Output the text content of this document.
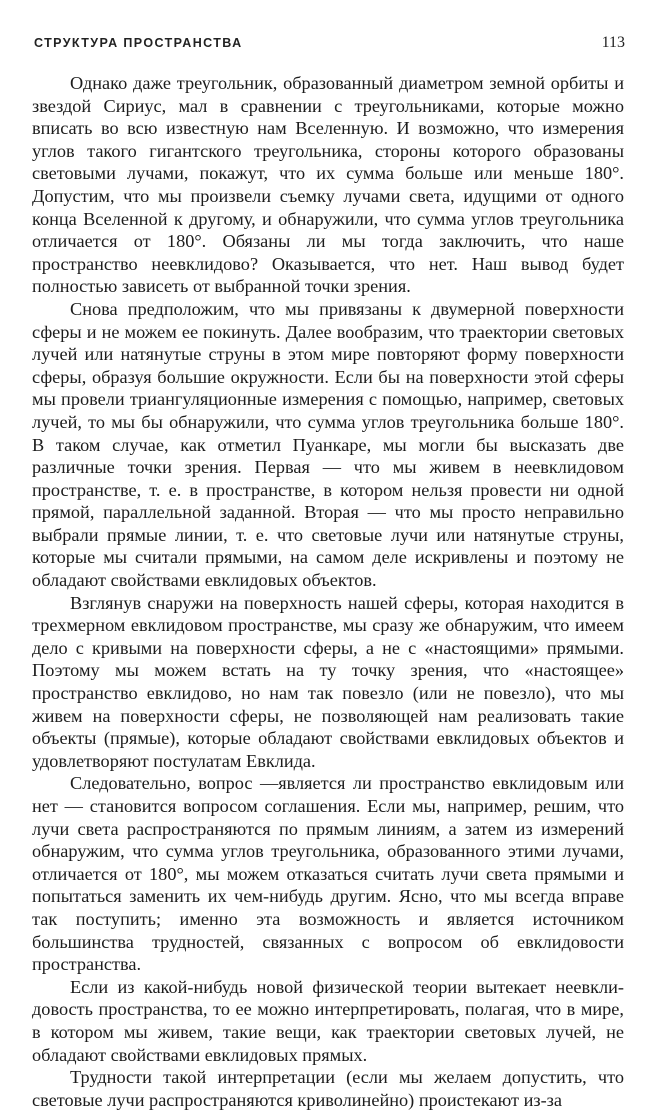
СТРУКТУРА ПРОСТРАНСТВА	113

Однако даже треугольник, образованный диаметром земной орбиты и звездой Сириус, мал в сравнении с треугольниками, которые можно вписать во всю известную нам Вселенную. И возможно, что измерения углов такого гигантского треугольника, стороны которого образованы световыми лучами, покажут, что их сумма больше или меньше 180°. Допустим, что мы произвели съемку лучами света, идущими от одного конца Вселенной к другому, и обнаружили, что сумма углов треугольника отличается от 180°. Обязаны ли мы тогда заключить, что наше пространство неевклидово? Оказывается, что нет. Наш вывод будет полностью зависеть от выбранной точки зрения.

Снова предположим, что мы привязаны к двумерной поверхности сферы и не можем ее покинуть. Далее вообразим, что траектории световых лучей или натянутые струны в этом мире повторяют форму поверхности сферы, образуя большие окружности. Если бы на поверхности этой сферы мы провели триангуляционные измерения с помощью, например, световых лучей, то мы бы обнаружили, что сумма углов треугольника больше 180°. В таком случае, как отметил Пуанкаре, мы могли бы высказать две различные точки зрения. Первая — что мы живем в неевклидовом пространстве, т. е. в пространстве, в котором нельзя провести ни одной прямой, параллельной заданной. Вторая — что мы просто неправильно выбрали прямые линии, т. е. что световые лучи или натянутые струны, которые мы считали прямыми, на самом деле искривлены и поэтому не обладают свойствами евклидовых объектов.

Взглянув снаружи на поверхность нашей сферы, которая находится в трехмерном евклидовом пространстве, мы сразу же обнаружим, что имеем дело с кривыми на поверхности сферы, а не с «настоящими» прямыми. Поэтому мы можем встать на ту точку зрения, что «настоящее» пространство евклидово, но нам так повезло (или не повезло), что мы живем на поверхности сферы, не позволяющей нам реализовать такие объекты (прямые), которые обладают свойствами евклидовых объектов и удовлетворяют постулатам Евклида.

Следовательно, вопрос —является ли пространство евклидовым или нет — становится вопросом соглашения. Если мы, например, решим, что лучи света распространяются по прямым линиям, а затем из измерений обнаружим, что сумма углов треугольника, образованного этими лучами, отличается от 180°, мы можем отказаться считать лучи света прямыми и попытаться заменить их чем-нибудь другим. Ясно, что мы всегда вправе так поступить; именно эта возможность и является источником большинства трудностей, связанных с вопросом об евклидовости пространства.

Если из какой-нибудь новой физической теории вытекает неевклидовость пространства, то ее можно интерпретировать, полагая, что в мире, в котором мы живем, такие вещи, как траектории световых лучей, не обладают свойствами евклидовых прямых.

Трудности такой интерпретации (если мы желаем допустить, что световые лучи распространяются криволинейно) проистекают из-за
